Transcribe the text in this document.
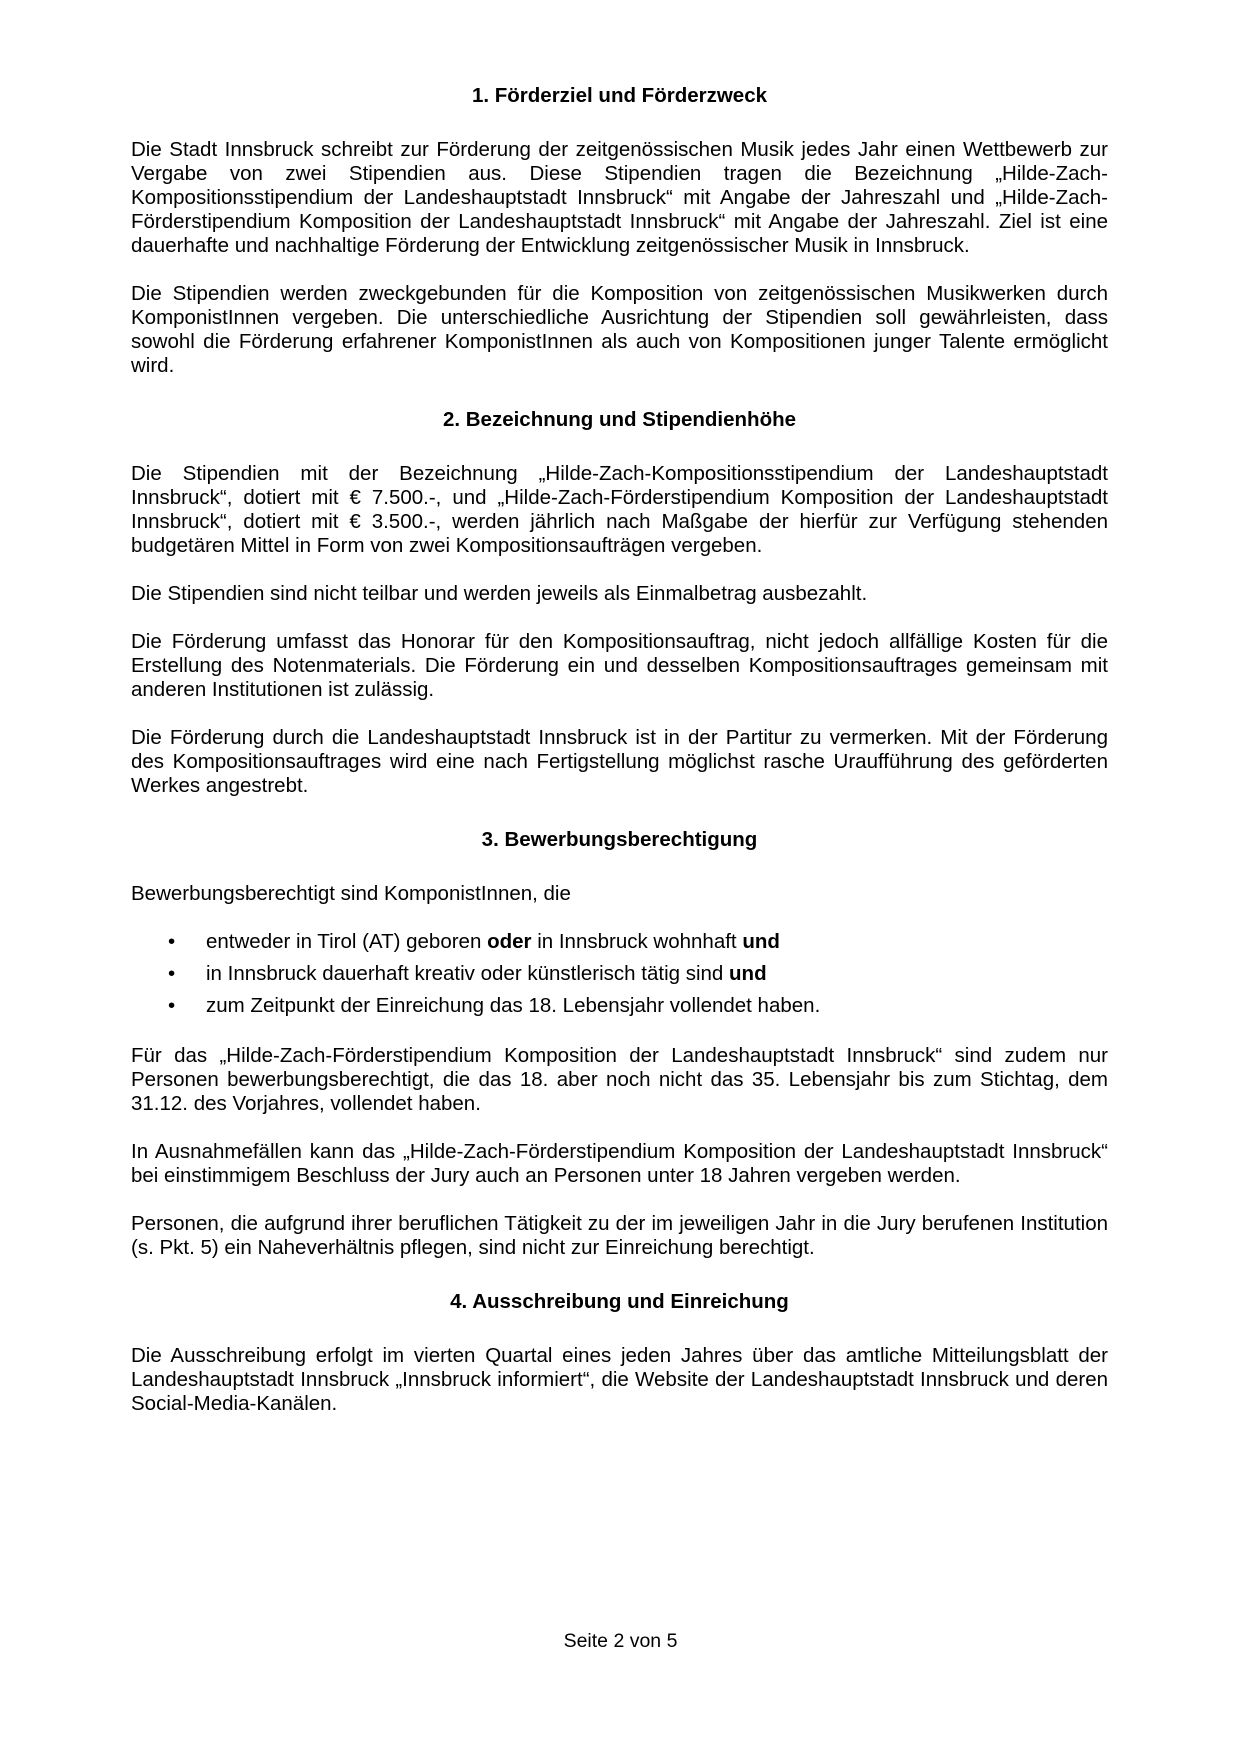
1. Förderziel und Förderzweck

Die Stadt Innsbruck schreibt zur Förderung der zeitgenössischen Musik jedes Jahr einen Wettbewerb zur Vergabe von zwei Stipendien aus. Diese Stipendien tragen die Bezeichnung „Hilde-Zach-Kompositionsstipendium der Landeshauptstadt Innsbruck“ mit Angabe der Jahreszahl und „Hilde-Zach-Förderstipendium Komposition der Landeshauptstadt Innsbruck“ mit Angabe der Jahreszahl. Ziel ist eine dauerhafte und nachhaltige Förderung der Entwicklung zeitgenössischer Musik in Innsbruck.

Die Stipendien werden zweckgebunden für die Komposition von zeitgenössischen Musikwerken durch KomponistInnen vergeben. Die unterschiedliche Ausrichtung der Stipendien soll gewährleisten, dass sowohl die Förderung erfahrener KomponistInnen als auch von Kompositionen junger Talente ermöglicht wird.

2. Bezeichnung und Stipendienhöhe

Die Stipendien mit der Bezeichnung „Hilde-Zach-Kompositionsstipendium der Landeshauptstadt Innsbruck“, dotiert mit € 7.500.-, und „Hilde-Zach-Förderstipendium Komposition der Landeshauptstadt Innsbruck“, dotiert mit € 3.500.-, werden jährlich nach Maßgabe der hierfür zur Verfügung stehenden budgetären Mittel in Form von zwei Kompositionsaufträgen vergeben.

Die Stipendien sind nicht teilbar und werden jeweils als Einmalbetrag ausbezahlt.

Die Förderung umfasst das Honorar für den Kompositionsauftrag, nicht jedoch allfällige Kosten für die Erstellung des Notenmaterials. Die Förderung ein und desselben Kompositionsauftrages gemeinsam mit anderen Institutionen ist zulässig.

Die Förderung durch die Landeshauptstadt Innsbruck ist in der Partitur zu vermerken. Mit der Förderung des Kompositionsauftrages wird eine nach Fertigstellung möglichst rasche Uraufführung des geförderten Werkes angestrebt.

3. Bewerbungsberechtigung

Bewerbungsberechtigt sind KomponistInnen, die

• entweder in Tirol (AT) geboren oder in Innsbruck wohnhaft und
• in Innsbruck dauerhaft kreativ oder künstlerisch tätig sind und
• zum Zeitpunkt der Einreichung das 18. Lebensjahr vollendet haben.

Für das „Hilde-Zach-Förderstipendium Komposition der Landeshauptstadt Innsbruck“ sind zudem nur Personen bewerbungsberechtigt, die das 18. aber noch nicht das 35. Lebensjahr bis zum Stichtag, dem 31.12. des Vorjahres, vollendet haben.

In Ausnahmefällen kann das „Hilde-Zach-Förderstipendium Komposition der Landeshauptstadt Innsbruck“ bei einstimmigem Beschluss der Jury auch an Personen unter 18 Jahren vergeben werden.

Personen, die aufgrund ihrer beruflichen Tätigkeit zu der im jeweiligen Jahr in die Jury berufenen Institution (s. Pkt. 5) ein Naheverhältnis pflegen, sind nicht zur Einreichung berechtigt.

4. Ausschreibung und Einreichung

Die Ausschreibung erfolgt im vierten Quartal eines jeden Jahres über das amtliche Mitteilungsblatt der Landeshauptstadt Innsbruck „Innsbruck informiert“, die Website der Landeshauptstadt Innsbruck und deren Social-Media-Kanälen.

Seite 2 von 5
